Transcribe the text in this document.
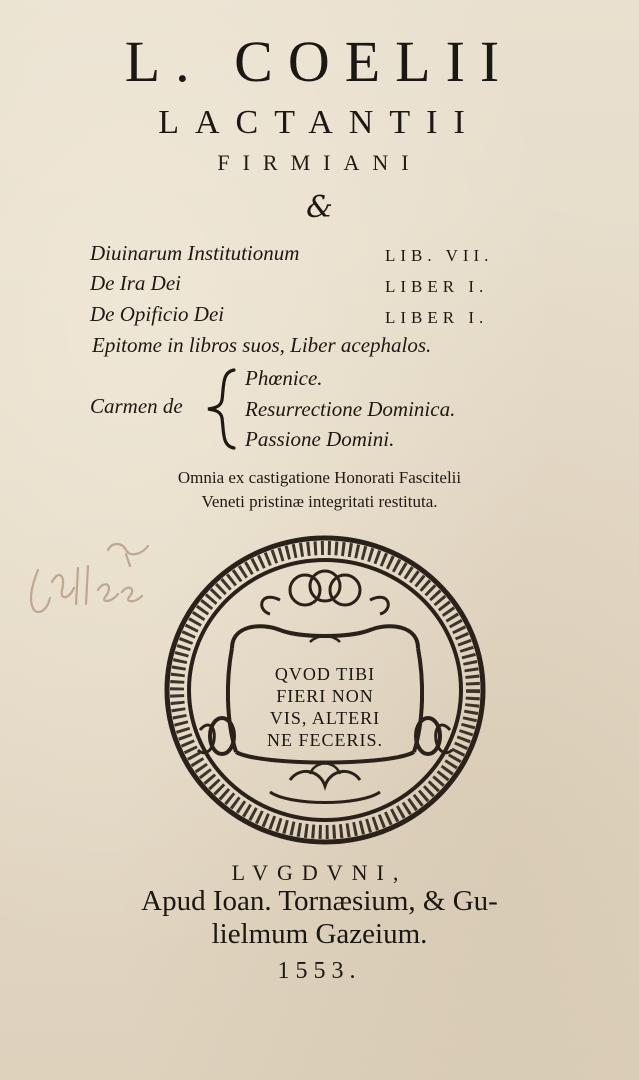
L. COELII
LACTANTII
FIRMIANI
&
Diuinarum Institutionum	LIB. VII.
De Ira Dei	LIBER I.
De Opificio Dei	LIBER I.
Epitome in libros suos, Liber acephalos.
Carmen de
Phœnice.
Resurrectione Dominica.
Passione Domini.
Omnia ex castigatione Honorati Fascitelii
Veneti pristinæ integritati restituta.
QVOD TIBI
FIERI NON
VIS, ALTERI
NE FECERIS.
LVGDVNI,
Apud Ioan. Tornæsium, & Gu-
lielmum Gazeium.
1553.
